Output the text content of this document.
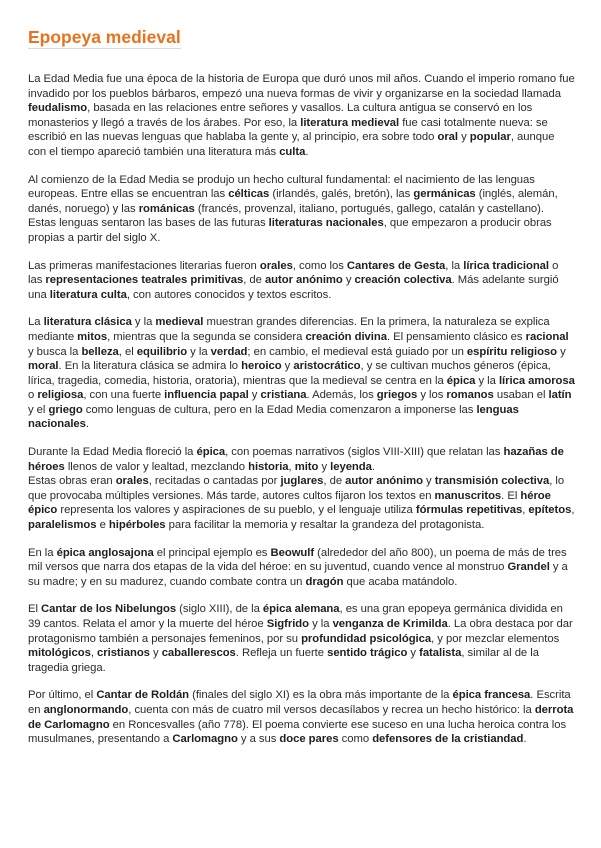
Epopeya medieval

La Edad Media fue una época de la historia de Europa que duró unos mil años. Cuando el imperio romano fue invadido por los pueblos bárbaros, empezó una nueva formas de vivir y organizarse en la sociedad llamada feudalismo, basada en las relaciones entre señores y vasallos. La cultura antigua se conservó en los monasterios y llegó a través de los árabes. Por eso, la literatura medieval fue casi totalmente nueva: se escribió en las nuevas lenguas que hablaba la gente y, al principio, era sobre todo oral y popular, aunque con el tiempo apareció también una literatura más culta.

Al comienzo de la Edad Media se produjo un hecho cultural fundamental: el nacimiento de las lenguas europeas. Entre ellas se encuentran las célticas (irlandés, galés, bretón), las germánicas (inglés, alemán, danés, noruego) y las románicas (francés, provenzal, italiano, portugués, gallego, catalán y castellano). Estas lenguas sentaron las bases de las futuras literaturas nacionales, que empezaron a producir obras propias a partir del siglo X.

Las primeras manifestaciones literarias fueron orales, como los Cantares de Gesta, la lírica tradicional o las representaciones teatrales primitivas, de autor anónimo y creación colectiva. Más adelante surgió una literatura culta, con autores conocidos y textos escritos.

La literatura clásica y la medieval muestran grandes diferencias. En la primera, la naturaleza se explica mediante mitos, mientras que la segunda se considera creación divina. El pensamiento clásico es racional y busca la belleza, el equilibrio y la verdad; en cambio, el medieval está guiado por un espíritu religioso y moral. En la literatura clásica se admira lo heroico y aristocrático, y se cultivan muchos géneros (épica, lírica, tragedia, comedia, historia, oratoria), mientras que la medieval se centra en la épica y la lírica amorosa o religiosa, con una fuerte influencia papal y cristiana. Además, los griegos y los romanos usaban el latín y el griego como lenguas de cultura, pero en la Edad Media comenzaron a imponerse las lenguas nacionales.

Durante la Edad Media floreció la épica, con poemas narrativos (siglos VIII-XIII) que relatan las hazañas de héroes llenos de valor y lealtad, mezclando historia, mito y leyenda.
Estas obras eran orales, recitadas o cantadas por juglares, de autor anónimo y transmisión colectiva, lo que provocaba múltiples versiones. Más tarde, autores cultos fijaron los textos en manuscritos. El héroe épico representa los valores y aspiraciones de su pueblo, y el lenguaje utiliza fórmulas repetitivas, epítetos, paralelismos e hipérboles para facilitar la memoria y resaltar la grandeza del protagonista.

En la épica anglosajona el principal ejemplo es Beowulf (alrededor del año 800), un poema de más de tres mil versos que narra dos etapas de la vida del héroe: en su juventud, cuando vence al monstruo Grandel y a su madre; y en su madurez, cuando combate contra un dragón que acaba matándolo.

El Cantar de los Nibelungos (siglo XIII), de la épica alemana, es una gran epopeya germánica dividida en 39 cantos. Relata el amor y la muerte del héroe Sigfrido y la venganza de Krimilda. La obra destaca por dar protagonismo también a personajes femeninos, por su profundidad psicológica, y por mezclar elementos mitológicos, cristianos y caballerescos. Refleja un fuerte sentido trágico y fatalista, similar al de la tragedia griega.

Por último, el Cantar de Roldán (finales del siglo XI) es la obra más importante de la épica francesa. Escrita en anglonormando, cuenta con más de cuatro mil versos decasílabos y recrea un hecho histórico: la derrota de Carlomagno en Roncesvalles (año 778). El poema convierte ese suceso en una lucha heroica contra los musulmanes, presentando a Carlomagno y a sus doce pares como defensores de la cristiandad.
